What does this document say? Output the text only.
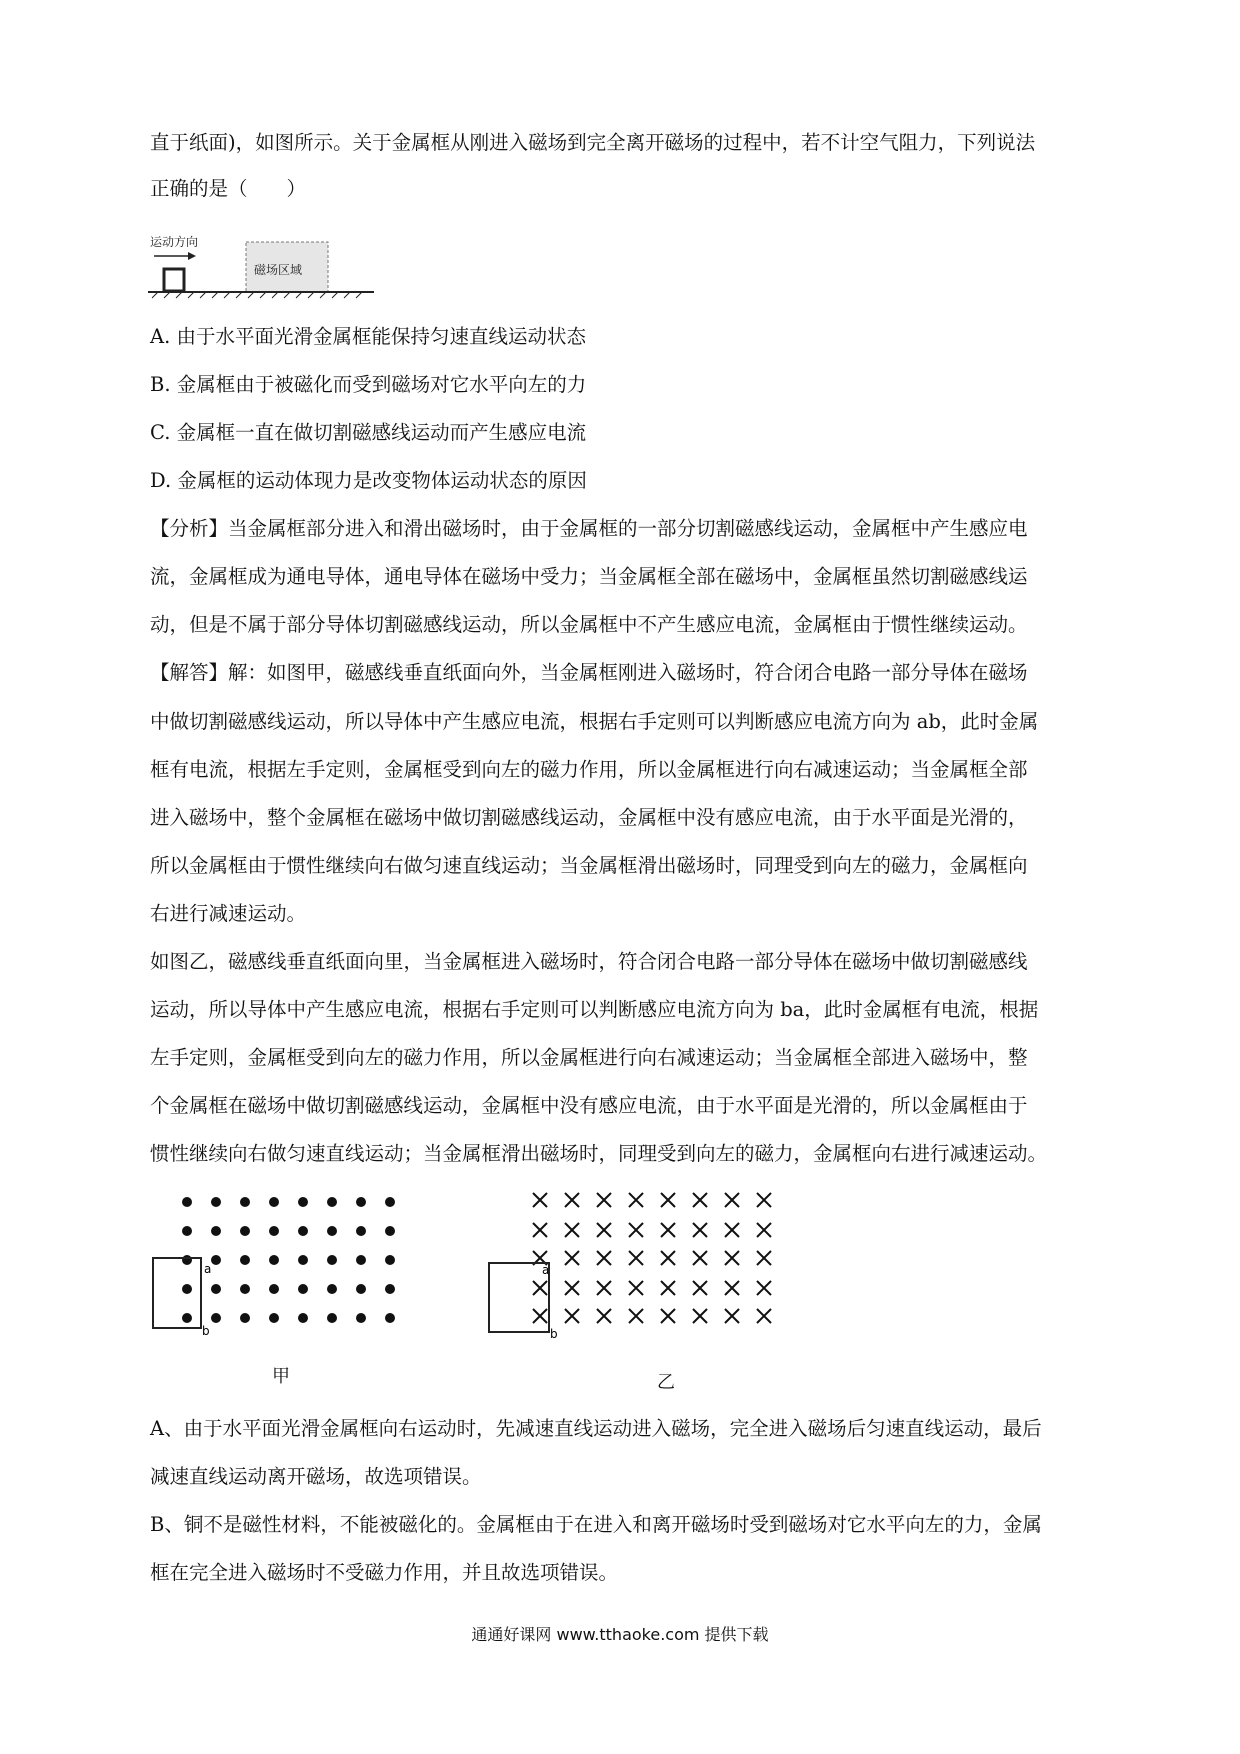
直于纸面)，如图所示。关于金属框从刚进入磁场到完全离开磁场的过程中，若不计空气阻力，下列说法
正确的是（　　）
运动方向
磁场区域
A. 由于水平面光滑金属框能保持匀速直线运动状态
B. 金属框由于被磁化而受到磁场对它水平向左的力
C. 金属框一直在做切割磁感线运动而产生感应电流
D. 金属框的运动体现力是改变物体运动状态的原因
【分析】当金属框部分进入和滑出磁场时，由于金属框的一部分切割磁感线运动，金属框中产生感应电
流，金属框成为通电导体，通电导体在磁场中受力；当金属框全部在磁场中，金属框虽然切割磁感线运
动，但是不属于部分导体切割磁感线运动，所以金属框中不产生感应电流，金属框由于惯性继续运动。
【解答】解：如图甲，磁感线垂直纸面向外，当金属框刚进入磁场时，符合闭合电路一部分导体在磁场
中做切割磁感线运动，所以导体中产生感应电流，根据右手定则可以判断感应电流方向为 ab，此时金属
框有电流，根据左手定则，金属框受到向左的磁力作用，所以金属框进行向右减速运动；当金属框全部
进入磁场中，整个金属框在磁场中做切割磁感线运动，金属框中没有感应电流，由于水平面是光滑的，
所以金属框由于惯性继续向右做匀速直线运动；当金属框滑出磁场时，同理受到向左的磁力，金属框向
右进行减速运动。
如图乙，磁感线垂直纸面向里，当金属框进入磁场时，符合闭合电路一部分导体在磁场中做切割磁感线
运动，所以导体中产生感应电流，根据右手定则可以判断感应电流方向为 ba，此时金属框有电流，根据
左手定则，金属框受到向左的磁力作用，所以金属框进行向右减速运动；当金属框全部进入磁场中，整
个金属框在磁场中做切割磁感线运动，金属框中没有感应电流，由于水平面是光滑的，所以金属框由于
惯性继续向右做匀速直线运动；当金属框滑出磁场时，同理受到向左的磁力，金属框向右进行减速运动。
a
b
甲
a
b
乙
A、由于水平面光滑金属框向右运动时，先减速直线运动进入磁场，完全进入磁场后匀速直线运动，最后
减速直线运动离开磁场，故选项错误。
B、铜不是磁性材料，不能被磁化的。金属框由于在进入和离开磁场时受到磁场对它水平向左的力，金属
框在完全进入磁场时不受磁力作用，并且故选项错误。
通通好课网 www.tthaoke.com 提供下载
